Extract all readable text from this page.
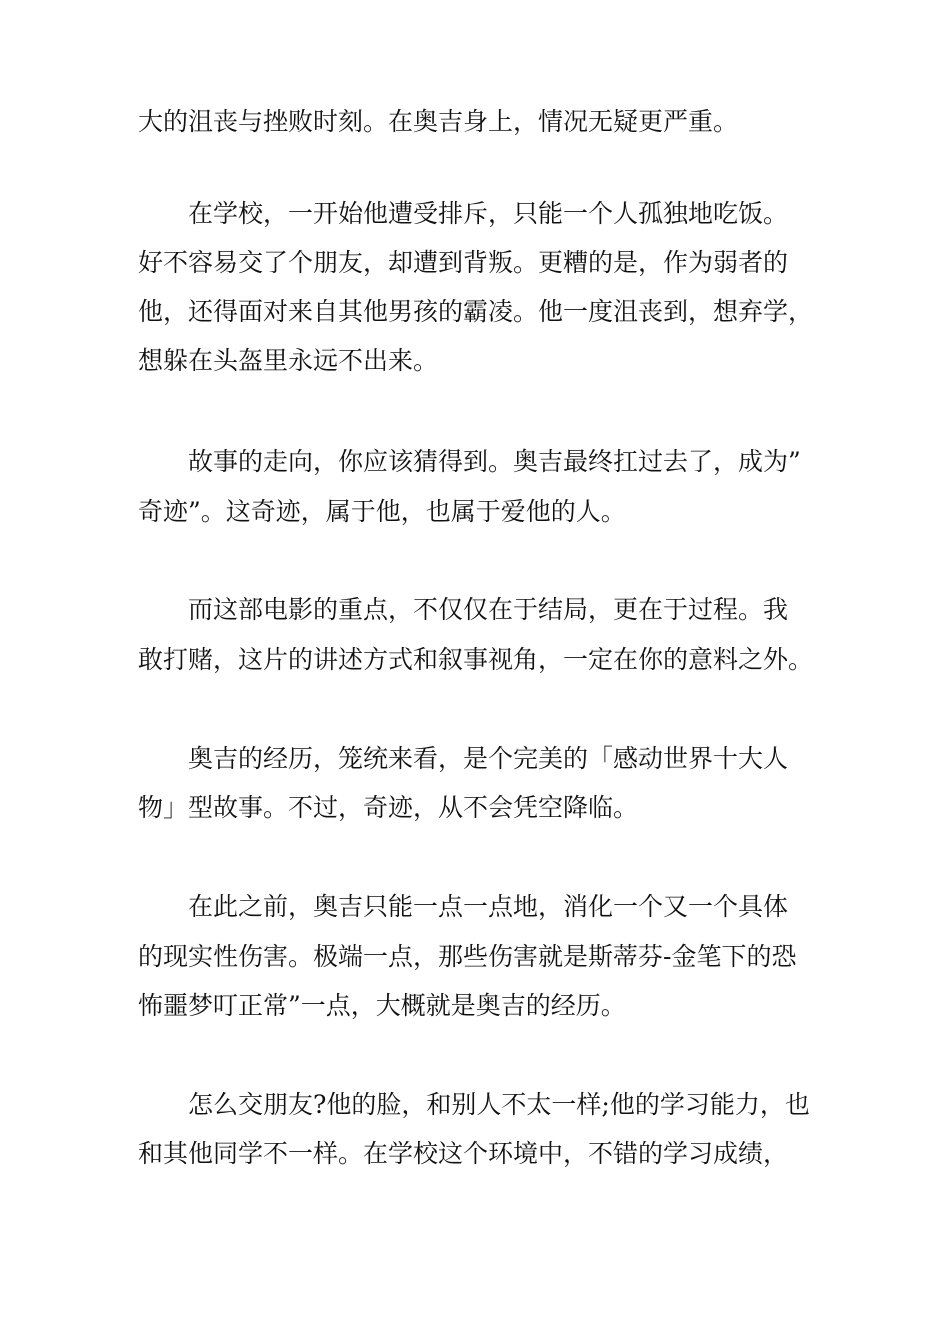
大的沮丧与挫败时刻。在奥吉身上，情况无疑更严重。
在学校，一开始他遭受排斥，只能一个人孤独地吃饭。
好不容易交了个朋友，却遭到背叛。更糟的是，作为弱者的
他，还得面对来自其他男孩的霸凌。他一度沮丧到，想弃学，
想躲在头盔里永远不出来。
故事的走向，你应该猜得到。奥吉最终扛过去了，成为”
奇迹”。这奇迹，属于他，也属于爱他的人。
而这部电影的重点，不仅仅在于结局，更在于过程。我
敢打赌，这片的讲述方式和叙事视角，一定在你的意料之外。
奥吉的经历，笼统来看，是个完美的「感动世界十大人
物」型故事。不过，奇迹，从不会凭空降临。
在此之前，奥吉只能一点一点地，消化一个又一个具体
的现实性伤害。极端一点，那些伤害就是斯蒂芬-金笔下的恐
怖噩梦叮正常”一点，大概就是奥吉的经历。
怎么交朋友?他的脸，和别人不太一样;他的学习能力，也
和其他同学不一样。在学校这个环境中，不错的学习成绩，
